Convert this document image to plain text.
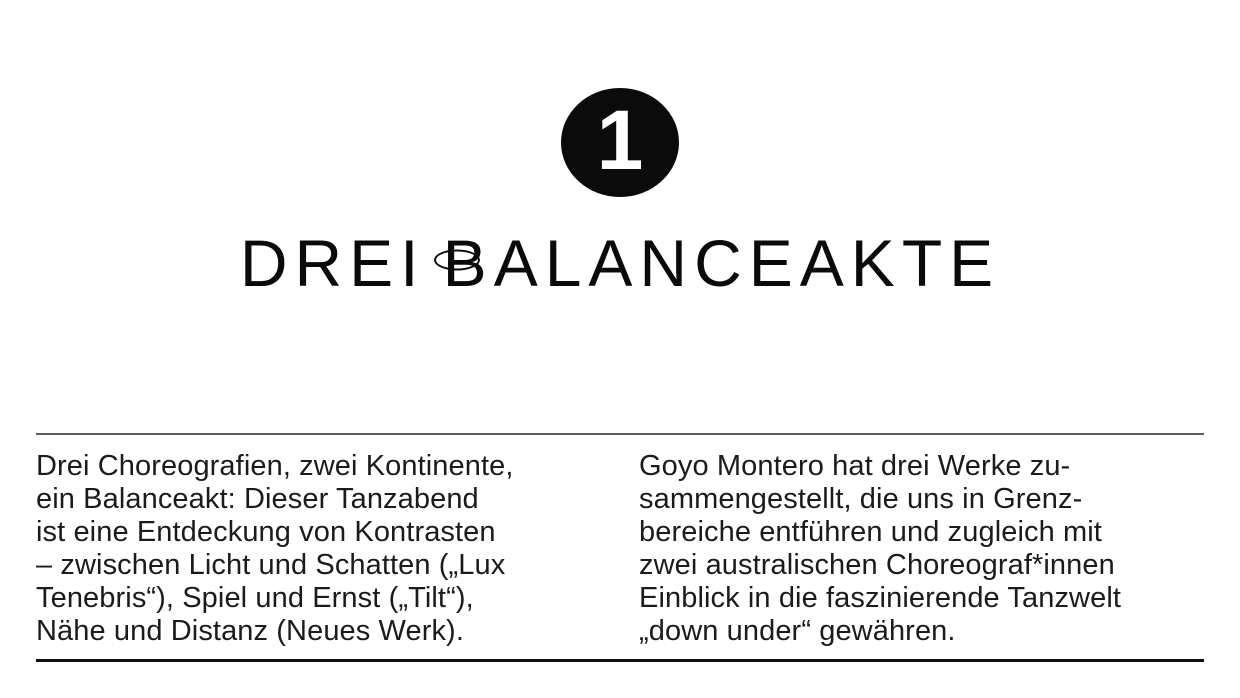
1
DREI B
ALANCEAKTE
Drei Choreografien, zwei Kontinente,
ein Balanceakt: Dieser Tanzabend
ist eine Entdeckung von Kontrasten
– zwischen Licht und Schatten („Lux
Tenebris“), Spiel und Ernst („Tilt“),
Nähe und Distanz (Neues Werk).
Goyo Montero hat drei Werke zu-
sammengestellt, die uns in Grenz-
bereiche entführen und zugleich mit
zwei australischen Choreograf*innen
Einblick in die faszinierende Tanzwelt
„down under“ gewähren.
